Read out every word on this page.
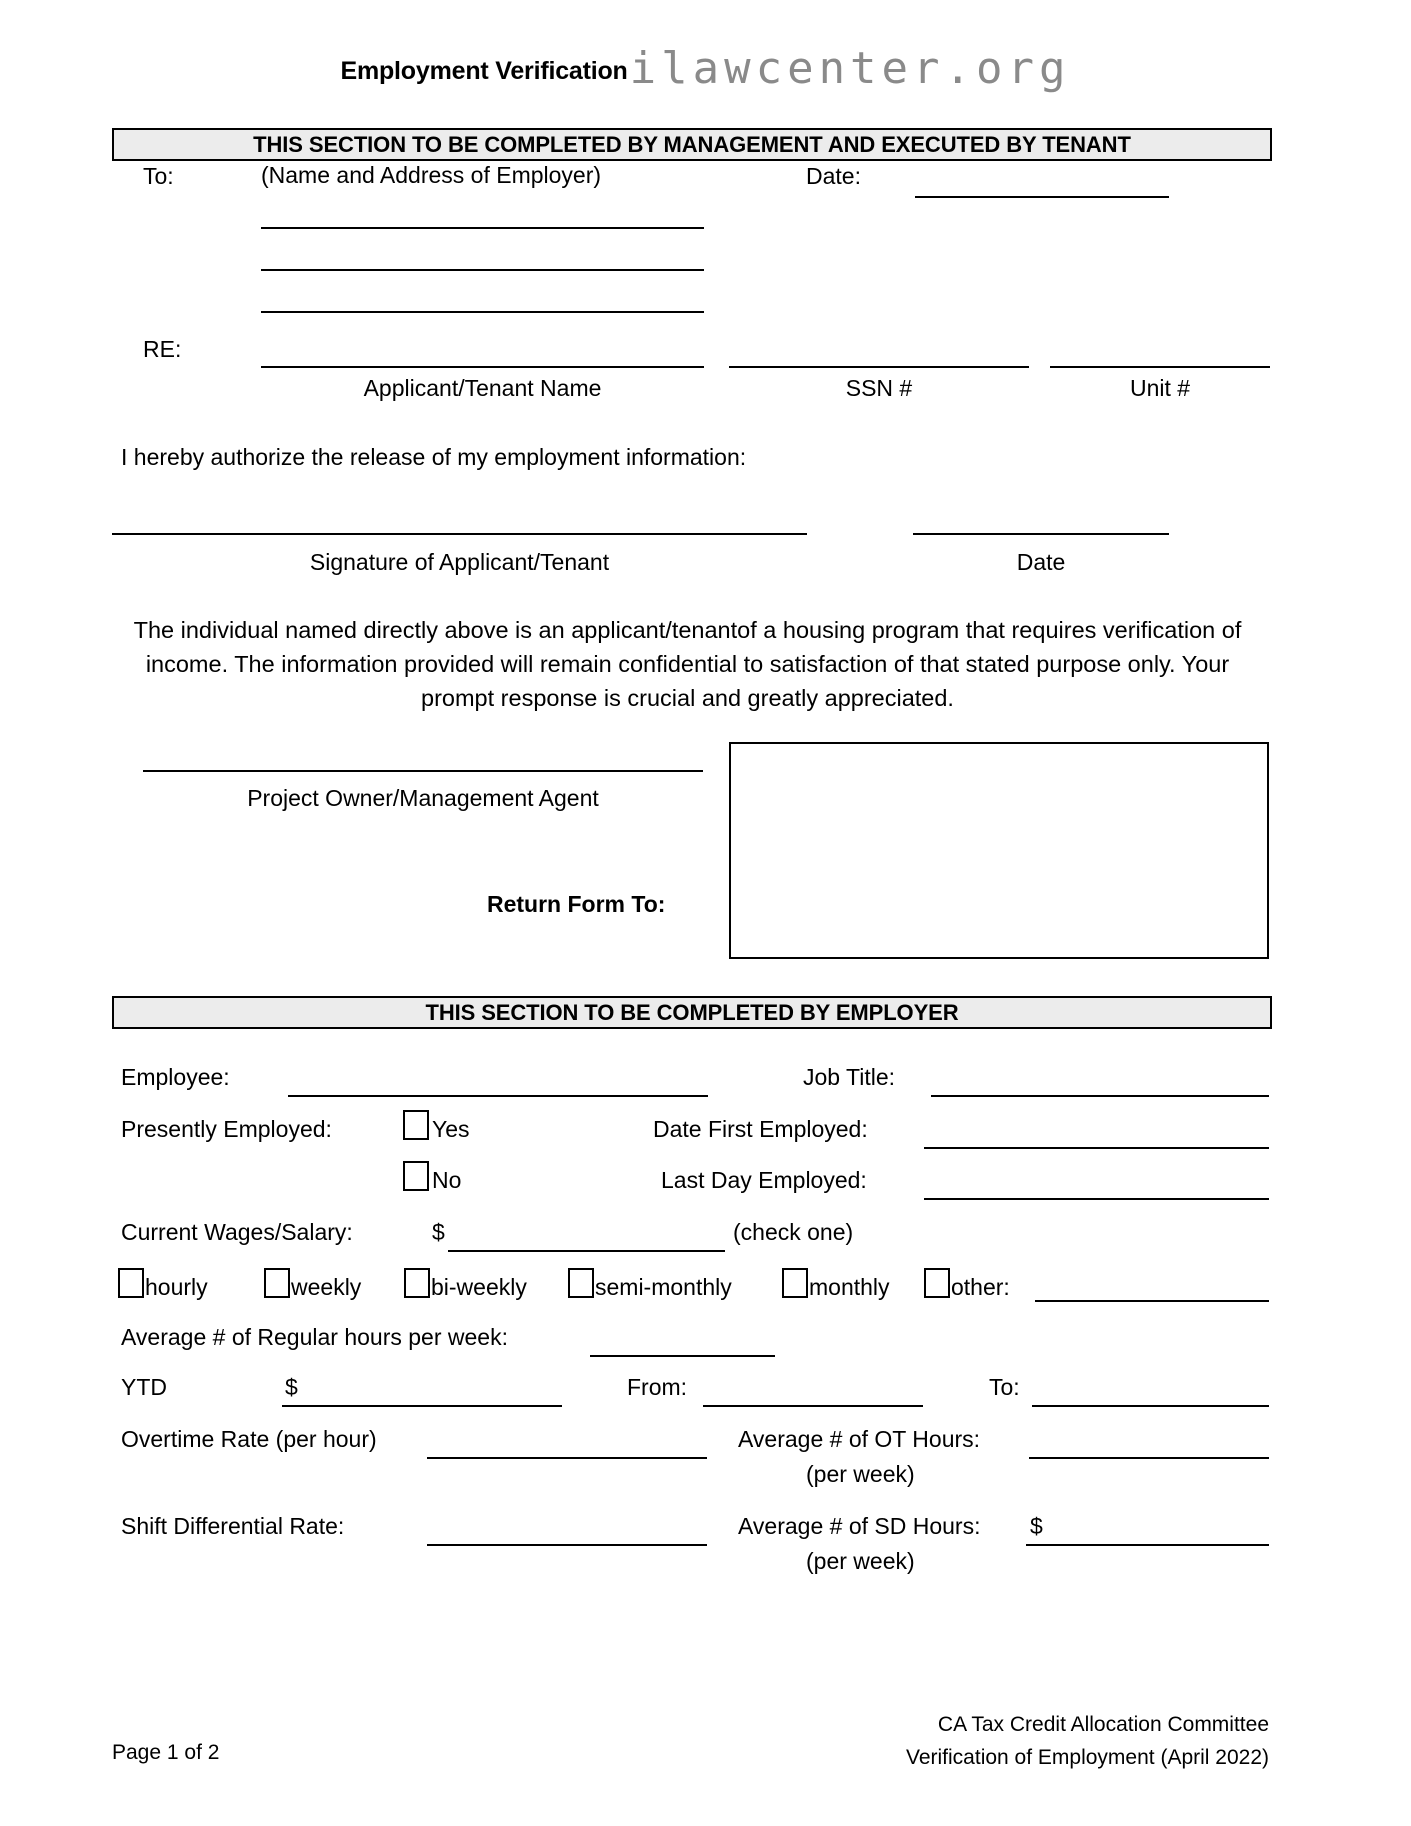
Employment Verification ilawcenter.org
THIS SECTION TO BE COMPLETED BY MANAGEMENT AND EXECUTED BY TENANT
To:	(Name and Address of Employer)	Date:
RE:
Applicant/Tenant Name	SSN #	Unit #
I hereby authorize the release of my employment information:
Signature of Applicant/Tenant	Date
The individual named directly above is an applicant/tenantof a housing program that requires verification of income. The information provided will remain confidential to satisfaction of that stated purpose only. Your prompt response is crucial and greatly appreciated.
Project Owner/Management Agent
Return Form To:
THIS SECTION TO BE COMPLETED BY EMPLOYER
Employee:	Job Title:
Presently Employed:	Yes	Date First Employed:
No	Last Day Employed:
Current Wages/Salary:	$	(check one)
hourly	weekly	bi-weekly	semi-monthly	monthly	other:
Average # of Regular hours per week:
YTD	$	From:	To:
Overtime Rate (per hour)	Average # of OT Hours:
(per week)
Shift Differential Rate:	Average # of SD Hours: $
(per week)
Page 1 of 2
CA Tax Credit Allocation Committee
Verification of Employment (April 2022)
